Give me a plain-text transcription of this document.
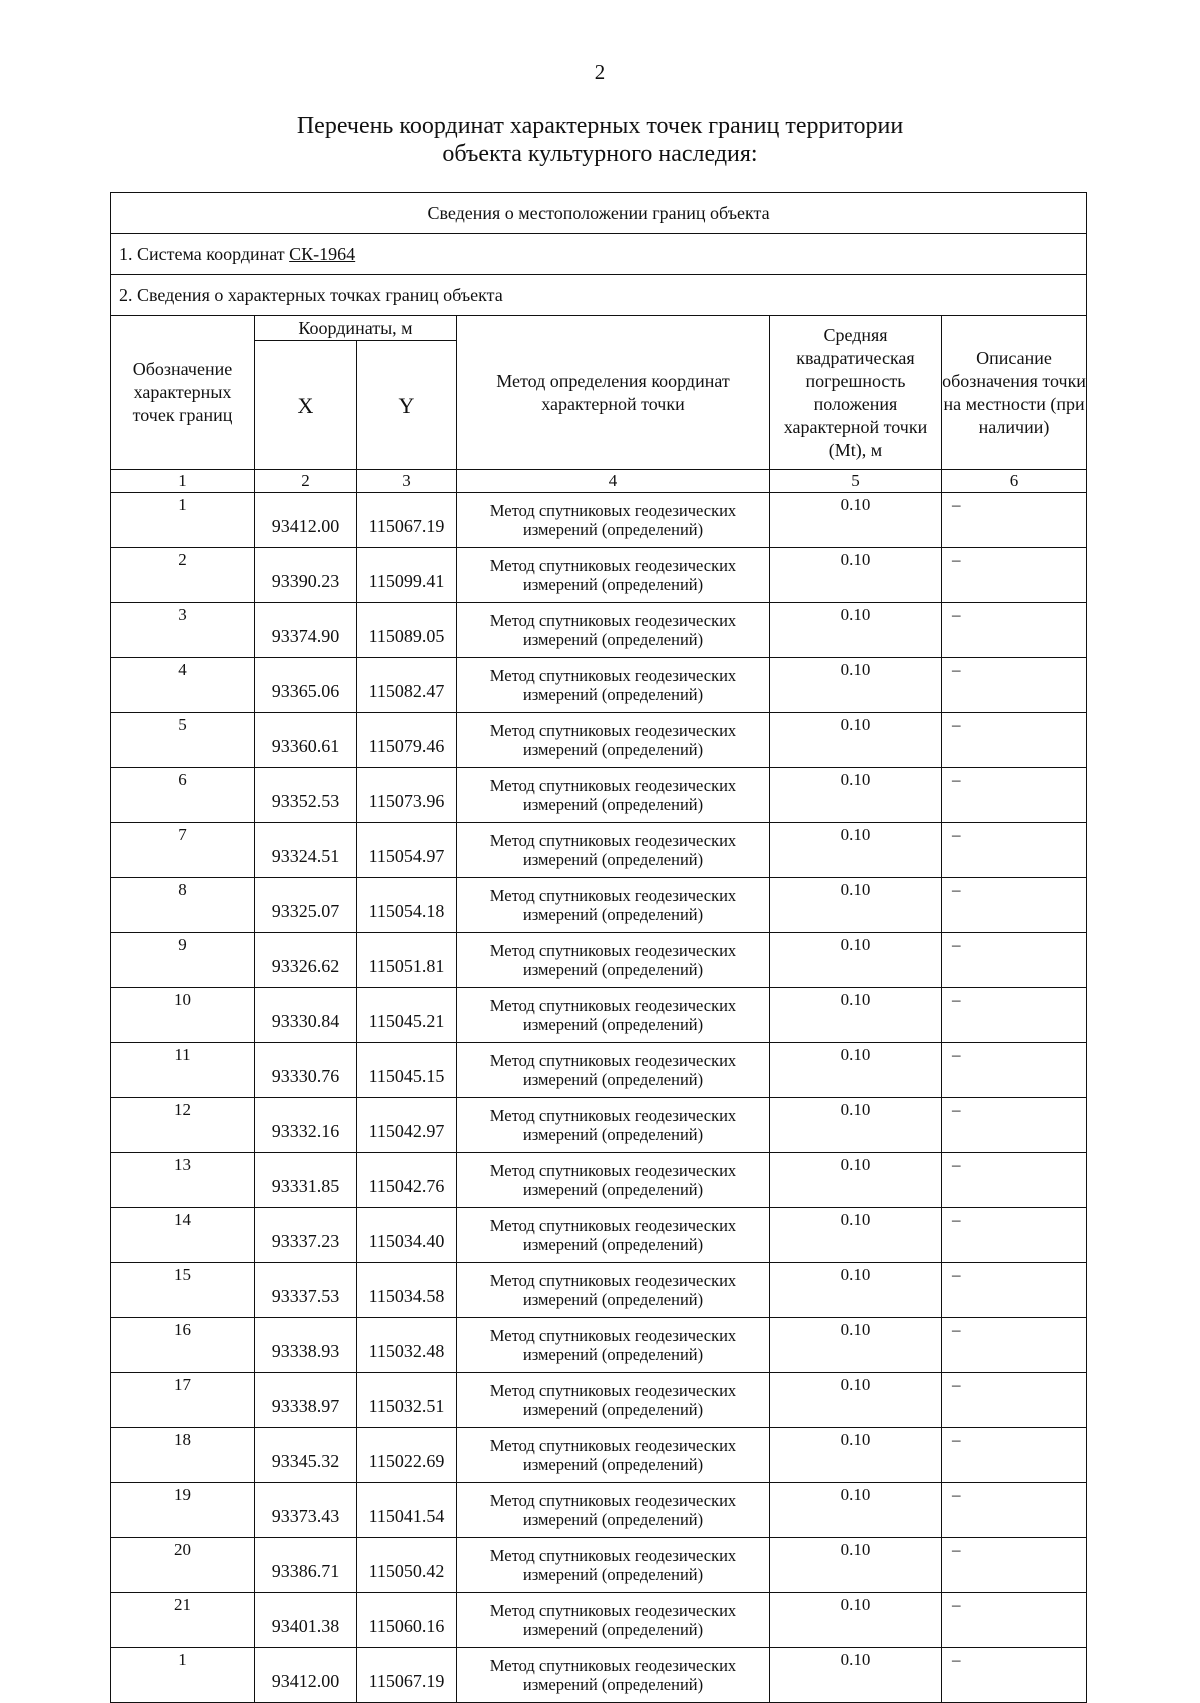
2
Перечень координат характерных точек границ территории
объекта культурного наследия:
Сведения о местоположении границ объекта					
1. Система координат СК-1964					
2. Сведения о характерных точках границ объекта					
Обозначение характерных точек границ	Координаты, м		Метод определения координат характерной точки	Средняя квадратическая погрешность положения характерной точки (Mt), м	Описание обозначения точки на местности (при наличии)
	X	Y			
1	2	3	4	5	6
1	93412.00	115067.19	Метод спутниковых геодезических измерений (определений)	0.10	–
2	93390.23	115099.41	Метод спутниковых геодезических измерений (определений)	0.10	–
3	93374.90	115089.05	Метод спутниковых геодезических измерений (определений)	0.10	–
4	93365.06	115082.47	Метод спутниковых геодезических измерений (определений)	0.10	–
5	93360.61	115079.46	Метод спутниковых геодезических измерений (определений)	0.10	–
6	93352.53	115073.96	Метод спутниковых геодезических измерений (определений)	0.10	–
7	93324.51	115054.97	Метод спутниковых геодезических измерений (определений)	0.10	–
8	93325.07	115054.18	Метод спутниковых геодезических измерений (определений)	0.10	–
9	93326.62	115051.81	Метод спутниковых геодезических измерений (определений)	0.10	–
10	93330.84	115045.21	Метод спутниковых геодезических измерений (определений)	0.10	–
11	93330.76	115045.15	Метод спутниковых геодезических измерений (определений)	0.10	–
12	93332.16	115042.97	Метод спутниковых геодезических измерений (определений)	0.10	–
13	93331.85	115042.76	Метод спутниковых геодезических измерений (определений)	0.10	–
14	93337.23	115034.40	Метод спутниковых геодезических измерений (определений)	0.10	–
15	93337.53	115034.58	Метод спутниковых геодезических измерений (определений)	0.10	–
16	93338.93	115032.48	Метод спутниковых геодезических измерений (определений)	0.10	–
17	93338.97	115032.51	Метод спутниковых геодезических измерений (определений)	0.10	–
18	93345.32	115022.69	Метод спутниковых геодезических измерений (определений)	0.10	–
19	93373.43	115041.54	Метод спутниковых геодезических измерений (определений)	0.10	–
20	93386.71	115050.42	Метод спутниковых геодезических измерений (определений)	0.10	–
21	93401.38	115060.16	Метод спутниковых геодезических измерений (определений)	0.10	–
1	93412.00	115067.19	Метод спутниковых геодезических измерений (определений)	0.10	–
